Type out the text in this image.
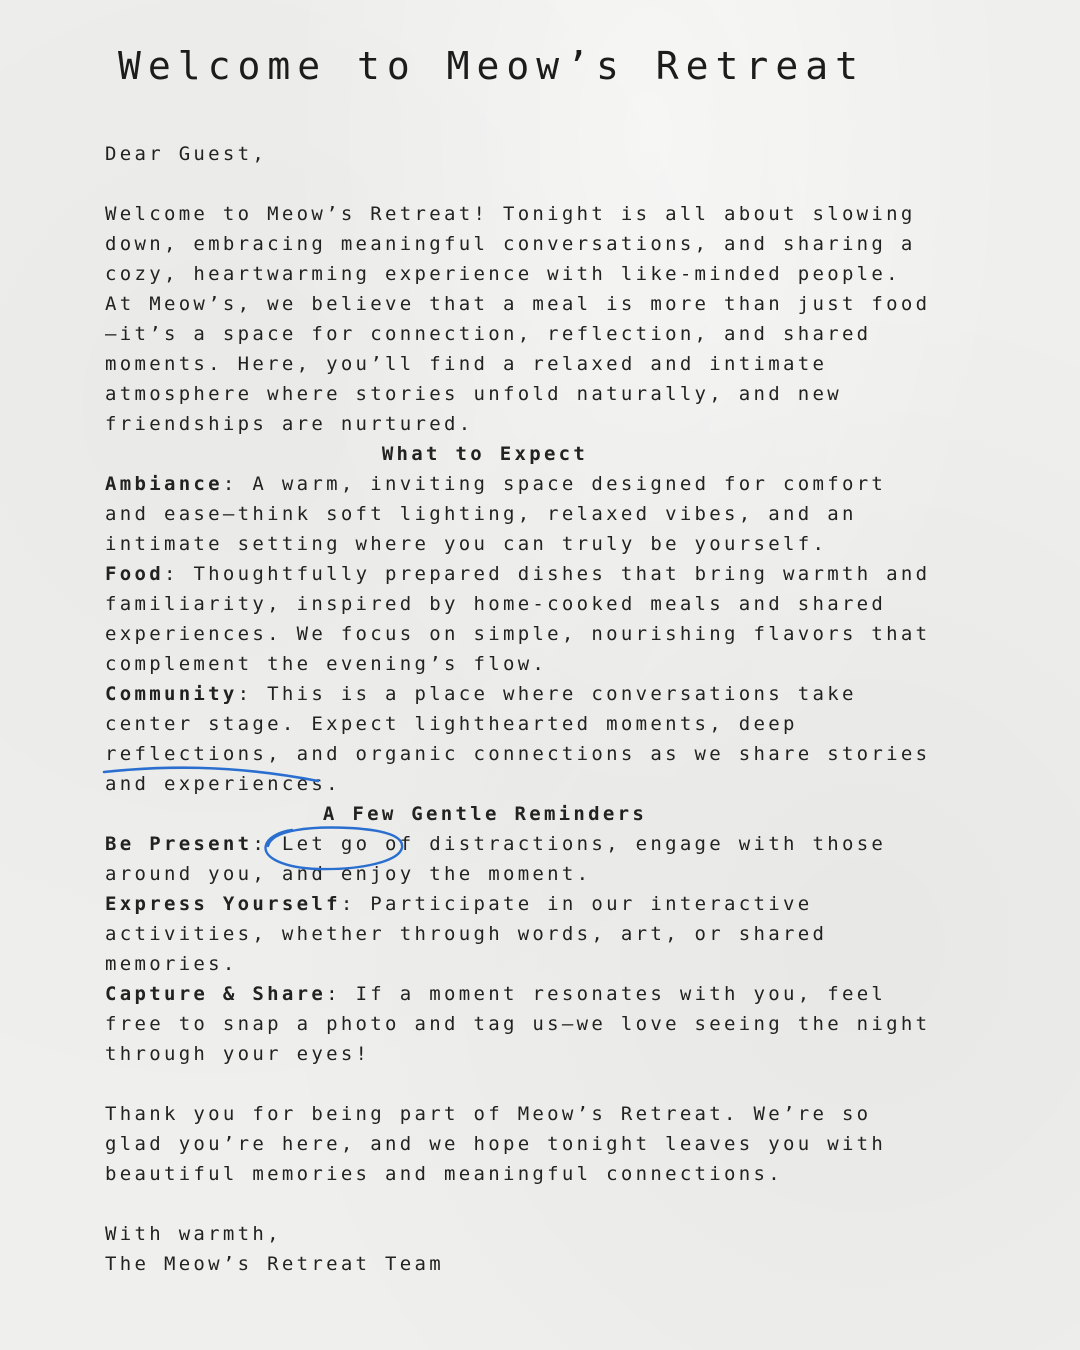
Welcome to Meow’s Retreat
Dear Guest,
Welcome to Meow’s Retreat! Tonight is all about slowing
down, embracing meaningful conversations, and sharing a
cozy, heartwarming experience with like-minded people.
At Meow’s, we believe that a meal is more than just food
—it’s a space for connection, reflection, and shared
moments. Here, you’ll find a relaxed and intimate
atmosphere where stories unfold naturally, and new
friendships are nurtured.
What to Expect
Ambiance: A warm, inviting space designed for comfort
and ease—think soft lighting, relaxed vibes, and an
intimate setting where you can truly be yourself.
Food: Thoughtfully prepared dishes that bring warmth and
familiarity, inspired by home-cooked meals and shared
experiences. We focus on simple, nourishing flavors that
complement the evening’s flow.
Community: This is a place where conversations take
center stage. Expect lighthearted moments, deep
reflections, and organic connections as we share stories
and experiences.
A Few Gentle Reminders
Be Present: Let go of distractions, engage with those
around you, and enjoy the moment.
Express Yourself: Participate in our interactive
activities, whether through words, art, or shared
memories.
Capture & Share: If a moment resonates with you, feel
free to snap a photo and tag us—we love seeing the night
through your eyes!
Thank you for being part of Meow’s Retreat. We’re so
glad you’re here, and we hope tonight leaves you with
beautiful memories and meaningful connections.
With warmth,
The Meow’s Retreat Team
